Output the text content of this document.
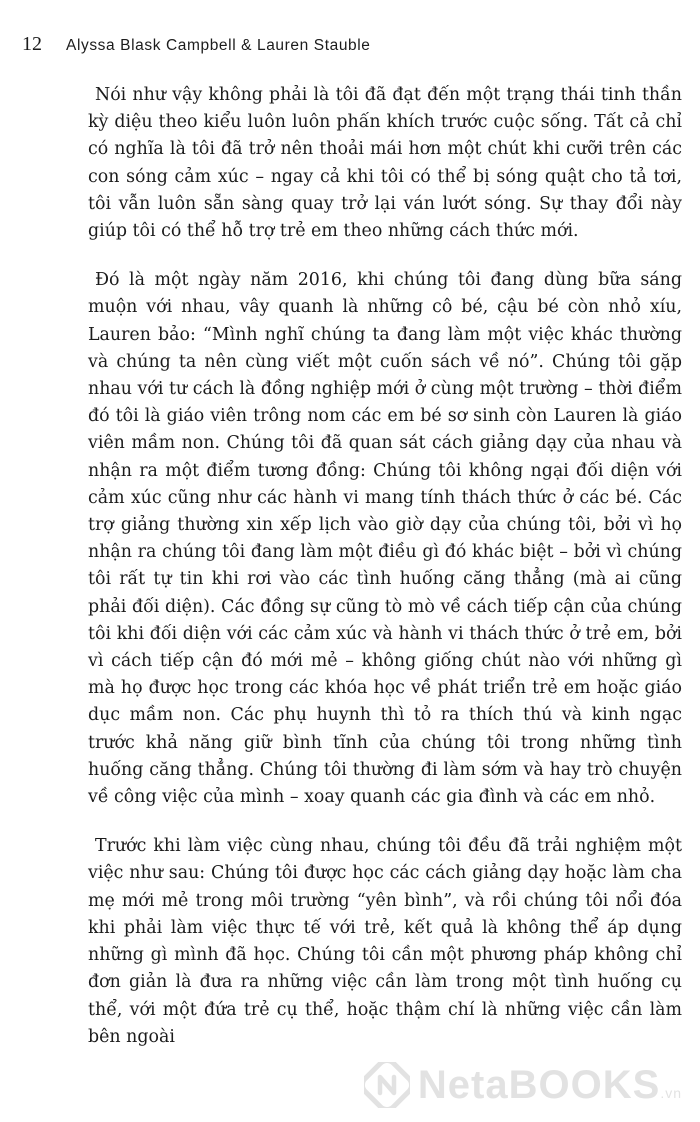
12 Alyssa Blask Campbell & Lauren Stauble

Nói như vậy không phải là tôi đã đạt đến một trạng thái tinh thần kỳ diệu theo kiểu luôn luôn phấn khích trước cuộc sống. Tất cả chỉ có nghĩa là tôi đã trở nên thoải mái hơn một chút khi cưỡi trên các con sóng cảm xúc – ngay cả khi tôi có thể bị sóng quật cho tả tơi, tôi vẫn luôn sẵn sàng quay trở lại ván lướt sóng. Sự thay đổi này giúp tôi có thể hỗ trợ trẻ em theo những cách thức mới.

Đó là một ngày năm 2016, khi chúng tôi đang dùng bữa sáng muộn với nhau, vây quanh là những cô bé, cậu bé còn nhỏ xíu, Lauren bảo: “Mình nghĩ chúng ta đang làm một việc khác thường và chúng ta nên cùng viết một cuốn sách về nó”. Chúng tôi gặp nhau với tư cách là đồng nghiệp mới ở cùng một trường – thời điểm đó tôi là giáo viên trông nom các em bé sơ sinh còn Lauren là giáo viên mầm non. Chúng tôi đã quan sát cách giảng dạy của nhau và nhận ra một điểm tương đồng: Chúng tôi không ngại đối diện với cảm xúc cũng như các hành vi mang tính thách thức ở các bé. Các trợ giảng thường xin xếp lịch vào giờ dạy của chúng tôi, bởi vì họ nhận ra chúng tôi đang làm một điều gì đó khác biệt – bởi vì chúng tôi rất tự tin khi rơi vào các tình huống căng thẳng (mà ai cũng phải đối diện). Các đồng sự cũng tò mò về cách tiếp cận của chúng tôi khi đối diện với các cảm xúc và hành vi thách thức ở trẻ em, bởi vì cách tiếp cận đó mới mẻ – không giống chút nào với những gì mà họ được học trong các khóa học về phát triển trẻ em hoặc giáo dục mầm non. Các phụ huynh thì tỏ ra thích thú và kinh ngạc trước khả năng giữ bình tĩnh của chúng tôi trong những tình huống căng thẳng. Chúng tôi thường đi làm sớm và hay trò chuyện về công việc của mình – xoay quanh các gia đình và các em nhỏ.

Trước khi làm việc cùng nhau, chúng tôi đều đã trải nghiệm một việc như sau: Chúng tôi được học các cách giảng dạy hoặc làm cha mẹ mới mẻ trong môi trường “yên bình”, và rồi chúng tôi nổi đóa khi phải làm việc thực tế với trẻ, kết quả là không thể áp dụng những gì mình đã học. Chúng tôi cần một phương pháp không chỉ đơn giản là đưa ra những việc cần làm trong một tình huống cụ thể, với một đứa trẻ cụ thể, hoặc thậm chí là những việc cần làm bên ngoài

NetaBOOKS.vn
